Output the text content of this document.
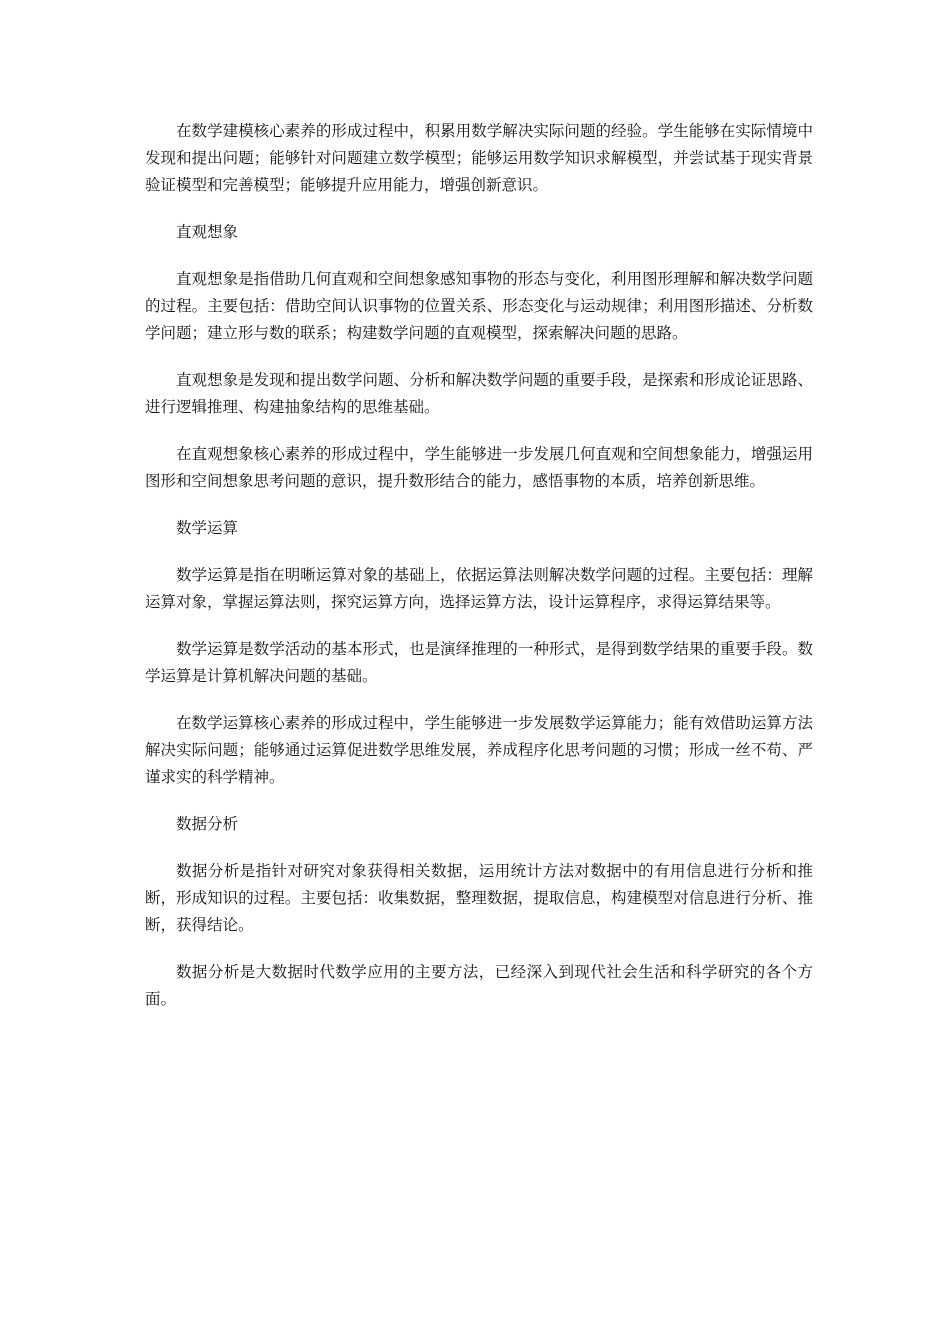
在数学建模核心素养的形成过程中，积累用数学解决实际问题的经验。学生能够在实际情境中发现和提出问题；能够针对问题建立数学模型；能够运用数学知识求解模型，并尝试基于现实背景验证模型和完善模型；能够提升应用能力，增强创新意识。

直观想象

直观想象是指借助几何直观和空间想象感知事物的形态与变化，利用图形理解和解决数学问题的过程。主要包括：借助空间认识事物的位置关系、形态变化与运动规律；利用图形描述、分析数学问题；建立形与数的联系；构建数学问题的直观模型，探索解决问题的思路。

直观想象是发现和提出数学问题、分析和解决数学问题的重要手段，是探索和形成论证思路、进行逻辑推理、构建抽象结构的思维基础。

在直观想象核心素养的形成过程中，学生能够进一步发展几何直观和空间想象能力，增强运用图形和空间想象思考问题的意识，提升数形结合的能力，感悟事物的本质，培养创新思维。

数学运算

数学运算是指在明晰运算对象的基础上，依据运算法则解决数学问题的过程。主要包括：理解运算对象，掌握运算法则，探究运算方向，选择运算方法，设计运算程序，求得运算结果等。

数学运算是数学活动的基本形式，也是演绎推理的一种形式，是得到数学结果的重要手段。数学运算是计算机解决问题的基础。

在数学运算核心素养的形成过程中，学生能够进一步发展数学运算能力；能有效借助运算方法解决实际问题；能够通过运算促进数学思维发展，养成程序化思考问题的习惯；形成一丝不苟、严谨求实的科学精神。

数据分析

数据分析是指针对研究对象获得相关数据，运用统计方法对数据中的有用信息进行分析和推断，形成知识的过程。主要包括：收集数据，整理数据，提取信息，构建模型对信息进行分析、推断，获得结论。

数据分析是大数据时代数学应用的主要方法，已经深入到现代社会生活和科学研究的各个方面。
